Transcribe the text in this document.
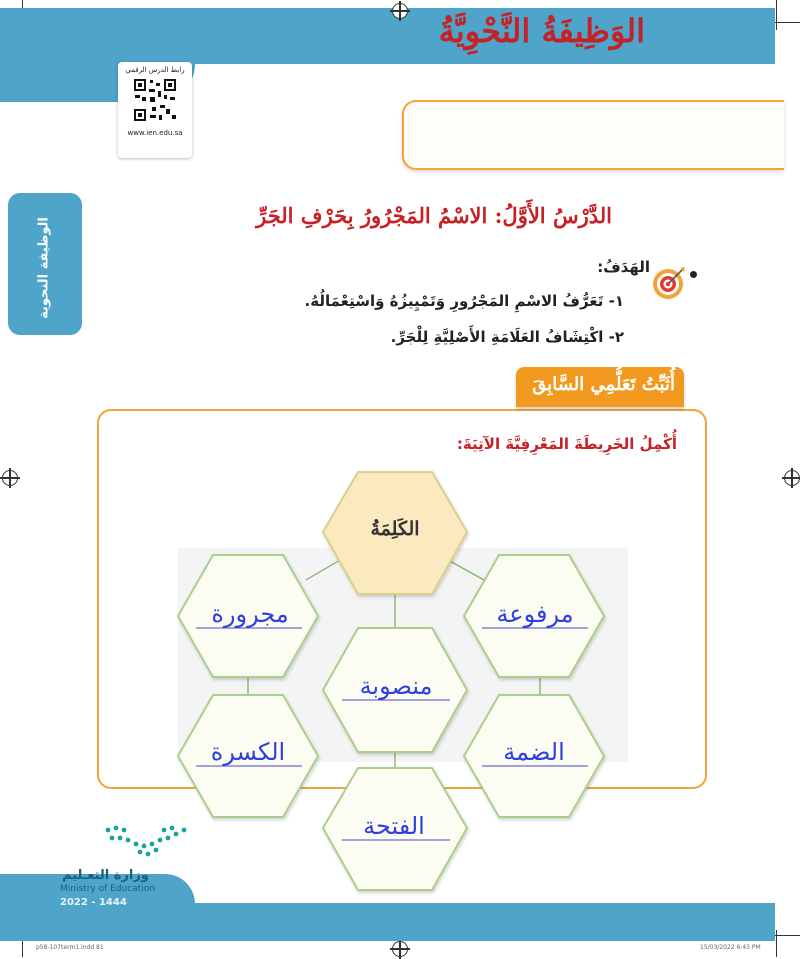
رابط الدرس الرقمي
www.ien.edu.sa
الوَظِيفَةُ النَّحْوِيَّةُ
الوظيفة النحوية
الدَّرْسُ الأَوَّلُ: الاسْمُ المَجْرُورُ بِحَرْفِ الجَرِّ
الهَدَفُ:
١- تَعَرُّفُ الاسْمِ المَجْرُورِ وَتَمْيِيزُهُ وَاسْتِعْمَالُهُ.
٢- اكْتِشَافُ العَلَامَةِ الأَصْلِيَّةِ لِلْجَرِّ.
أُثَبِّتُ تَعَلُّمِي السَّابِقَ
أُكْمِلُ الخَرِيطَةَ المَعْرِفِيَّةَ الآتِيَةَ:
الكَلِمَةُ
مجرورة	مرفوعة
منصوبة
الكسرة	الضمة
الفتحة
وزارة التعـليم
Ministry of Education
2022 - 1444
p58-107term1.indd 81	15/03/2022 6:43 PM
